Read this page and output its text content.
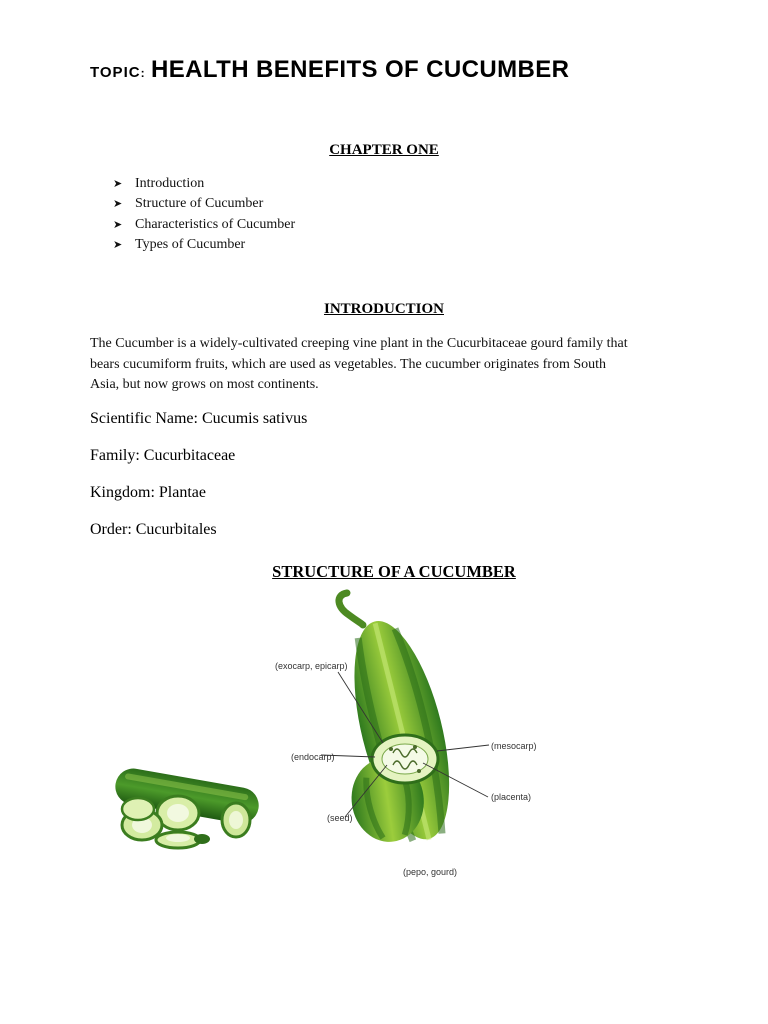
TOPIC: HEALTH BENEFITS OF CUCUMBER
CHAPTER ONE
➤ Introduction
➤ Structure of Cucumber
➤ Characteristics of Cucumber
➤ Types of Cucumber
INTRODUCTION
The Cucumber is a widely-cultivated creeping vine plant in the Cucurbitaceae gourd family that
bears cucumiform fruits, which are used as vegetables. The cucumber originates from South
Asia, but now grows on most continents.
Scientific Name: Cucumis sativus
Family: Cucurbitaceae
Kingdom: Plantae
Order: Cucurbitales
STRUCTURE OF A CUCUMBER
(exocarp, epicarp)
(endocarp)
(seed)
(mesocarp)
(placenta)
(pepo, gourd)
